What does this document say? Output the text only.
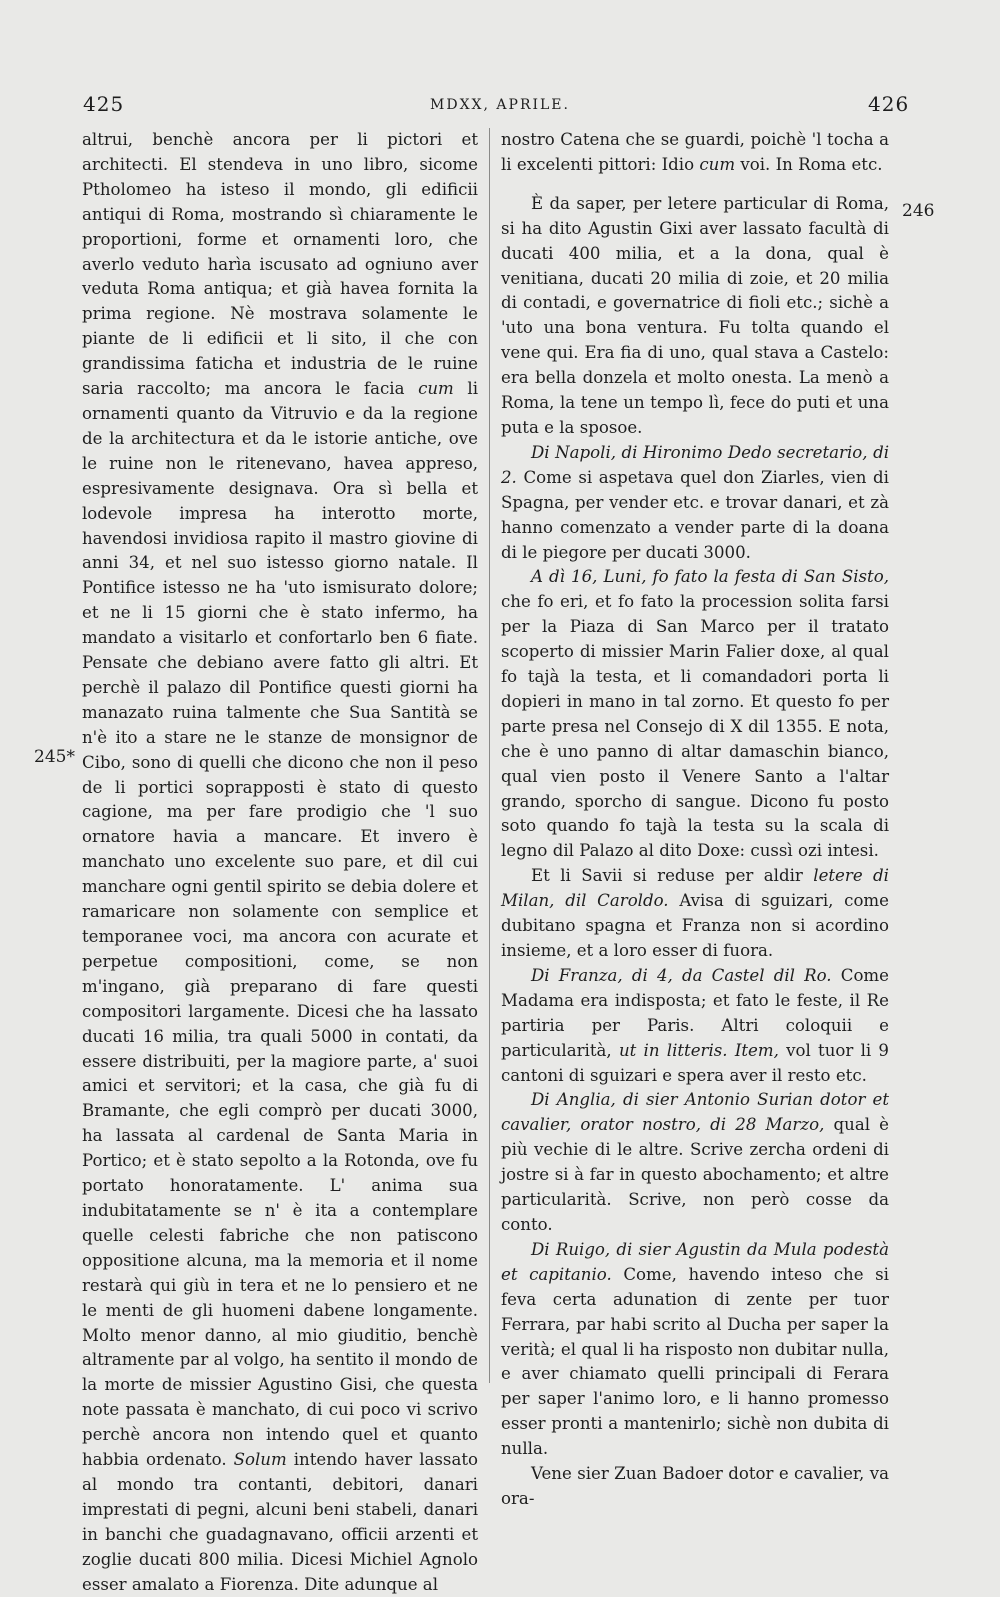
425	MDXX, APRILE.	426
245*
246

altrui, benchè ancora per li pictori et architecti. El stendeva in uno libro, sicome Ptholomeo ha isteso il mondo, gli edificii antiqui di Roma, mostrando sì chiaramente le proportioni, forme et ornamenti loro, che averlo veduto harìa iscusato ad ogniuno aver veduta Roma antiqua; et già havea fornita la prima regione. Nè mostrava solamente le piante de li edificii et li sito, il che con grandissima faticha et industria de le ruine saria raccolto; ma ancora le facia cum li ornamenti quanto da Vitruvio e da la regione de la architectura et da le istorie antiche, ove le ruine non le ritenevano, havea appreso, espresivamente designava. Ora sì bella et lodevole impresa ha interotto morte, havendosi invidiosa rapito il mastro giovine di anni 34, et nel suo istesso giorno natale. Il Pontifice istesso ne ha 'uto ismisurato dolore; et ne li 15 giorni che è stato infermo, ha mandato a visitarlo et confortarlo ben 6 fiate. Pensate che debiano avere fatto gli altri. Et perchè il palazo dil Pontifice questi giorni ha manazato ruina talmente che Sua Santità se n'è ito a stare ne le stanze de monsignor de Cibo, sono di quelli che dicono che non il peso de li portici soprapposti è stato di questo cagione, ma per fare prodigio che 'l suo ornatore havia a mancare. Et invero è manchato uno excelente suo pare, et dil cui manchare ogni gentil spirito se debia dolere et ramaricare non solamente con semplice et temporanee voci, ma ancora con acurate et perpetue compositioni, come, se non m'ingano, già preparano di fare questi compositori largamente. Dicesi che ha lassato ducati 16 milia, tra quali 5000 in contati, da essere distribuiti, per la magiore parte, a' suoi amici et servitori; et la casa, che già fu di Bramante, che egli comprò per ducati 3000, ha lassata al cardenal de Santa Maria in Portico; et è stato sepolto a la Rotonda, ove fu portato honoratamente. L' anima sua indubitatamente se n' è ita a contemplare quelle celesti fabriche che non patiscono oppositione alcuna, ma la memoria et il nome restarà qui giù in tera et ne lo pensiero et ne le menti de gli huomeni dabene longamente. Molto menor danno, al mio giuditio, benchè altramente par al volgo, ha sentito il mondo de la morte de missier Agustino Gisi, che questa note passata è manchato, di cui poco vi scrivo perchè ancora non intendo quel et quanto habbia ordenato. Solum intendo haver lassato al mondo tra contanti, debitori, danari imprestati di pegni, alcuni beni stabeli, danari in banchi che guadagnavano, officii arzenti et zoglie ducati 800 milia. Dicesi Michiel Agnolo esser amalato a Fiorenza. Dite adunque al

nostro Catena che se guardi, poichè 'l tocha a li excelenti pittori: Idio cum voi. In Roma etc.

È da saper, per letere particular di Roma, si ha dito Agustin Gixi aver lassato facultà di ducati 400 milia, et a la dona, qual è venitiana, ducati 20 milia di zoie, et 20 milia di contadi, e governatrice di fioli etc.; sichè a 'uto una bona ventura. Fu tolta quando el vene qui. Era fia di uno, qual stava a Castelo: era bella donzela et molto onesta. La menò a Roma, la tene un tempo lì, fece do puti et una puta e la sposoe.

Di Napoli, di Hironimo Dedo secretario, di 2. Come si aspetava quel don Ziarles, vien di Spagna, per vender etc. e trovar danari, et zà hanno comenzato a vender parte di la doana di le piegore per ducati 3000.

A dì 16, Luni, fo fato la festa di San Sisto, che fo eri, et fo fato la procession solita farsi per la Piaza di San Marco per il tratato scoperto di missier Marin Falier doxe, al qual fo tajà la testa, et li comandadori porta li dopieri in mano in tal zorno. Et questo fo per parte presa nel Consejo di X dil 1355. E nota, che è uno panno di altar damaschin bianco, qual vien posto il Venere Santo a l'altar grando, sporcho di sangue. Dicono fu posto soto quando fo tajà la testa su la scala di legno dil Palazo al dito Doxe: cussì ozi intesi.

Et li Savii si reduse per aldir letere di Milan, dil Caroldo. Avisa di sguizari, come dubitano spagna et Franza non si acordino insieme, et a loro esser di fuora.

Di Franza, di 4, da Castel dil Ro. Come Madama era indisposta; et fato le feste, il Re partiria per Paris. Altri coloquii e particularità, ut in litteris. Item, vol tuor li 9 cantoni di sguizari e spera aver il resto etc.

Di Anglia, di sier Antonio Surian dotor et cavalier, orator nostro, di 28 Marzo, qual è più vechie di le altre. Scrive zercha ordeni di jostre si à far in questo abochamento; et altre particularità. Scrive, non però cosse da conto.

Di Ruigo, di sier Agustin da Mula podestà et capitanio. Come, havendo inteso che si feva certa adunation di zente per tuor Ferrara, par habi scrito al Ducha per saper la verità; el qual li ha risposto non dubitar nulla, e aver chiamato quelli principali di Ferara per saper l'animo loro, e li hanno promesso esser pronti a mantenirlo; sichè non dubita di nulla.

Vene sier Zuan Badoer dotor e cavalier, va ora-
